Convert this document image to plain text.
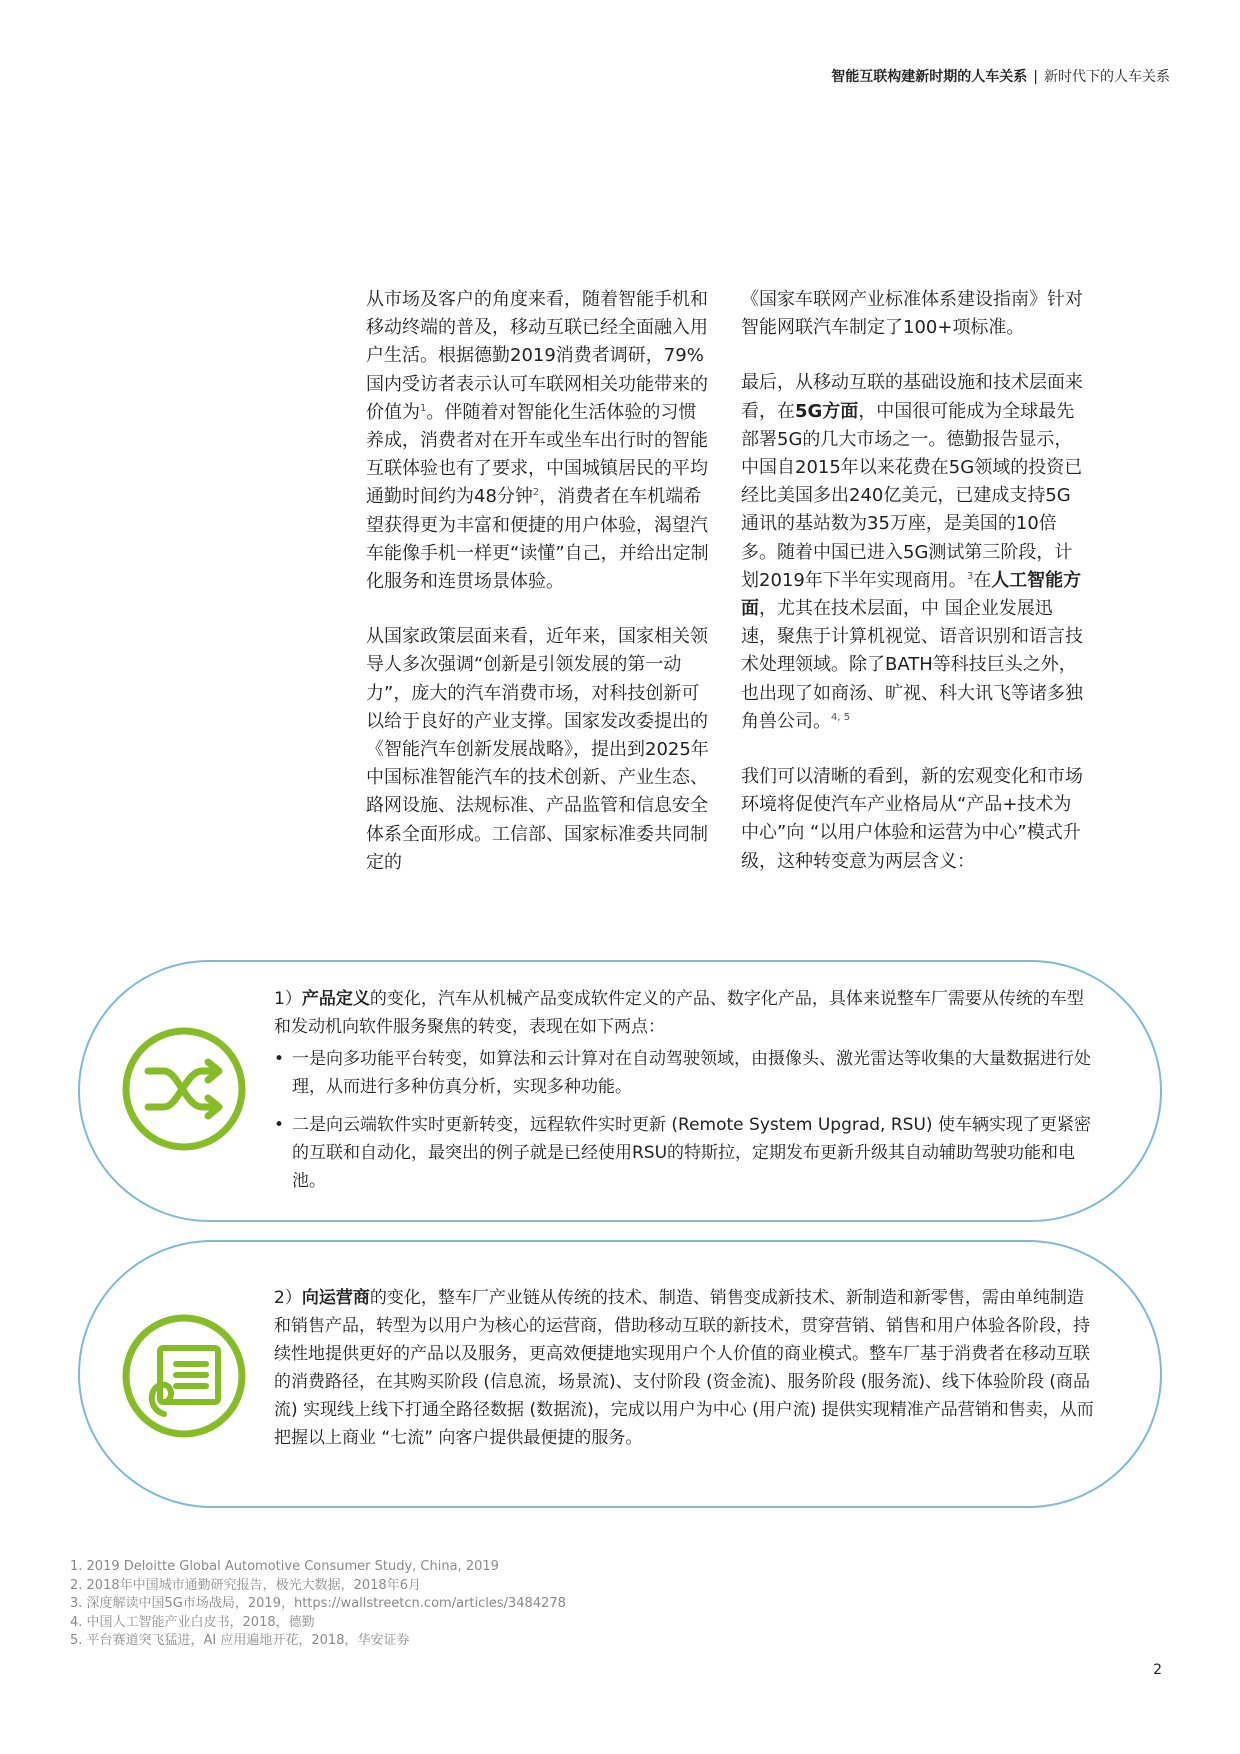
智能互联构建新时期的人车关系 | 新时代下的人车关系

从市场及客户的角度来看，随着智能手机和移动终端的普及，移动互联已经全面融入用户生活。根据德勤2019消费者调研，79%国内受访者表示认可车联网相关功能带来的价值为$^1$。伴随着对智能化生活体验的习惯养成，消费者对在开车或坐车出行时的智能互联体验也有了要求，中国城镇居民的平均通勤时间约为48分钟$^2$，消费者在车机端希望获得更为丰富和便捷的用户体验，渴望汽车能像手机一样更“读懂”自己，并给出定制化服务和连贯场景体验。

从国家政策层面来看，近年来，国家相关领导人多次强调“创新是引领发展的第一动力”，庞大的汽车消费市场，对科技创新可以给于良好的产业支撑。国家发改委提出的《智能汽车创新发展战略》，提出到2025年中国标准智能汽车的技术创新、产业生态、路网设施、法规标准、产品监管和信息安全体系全面形成。工信部、国家标准委共同制定的

《国家车联网产业标准体系建设指南》针对智能网联汽车制定了100+项标准。

最后，从移动互联的基础设施和技术层面来看，在5G方面，中国很可能成为全球最先部署5G的几大市场之一。德勤报告显示，中国自2015年以来花费在5G领域的投资已经比美国多出240亿美元，已建成支持5G通讯的基站数为35万座，是美国的10倍多。随着中国已进入5G测试第三阶段，计划2019年下半年实现商用。$^3$在人工智能方面，尤其在技术层面，中 国企业发展迅速，聚焦于计算机视觉、语音识别和语言技术处理领域。除了BATH等科技巨头之外，也出现了如商汤、旷视、科大讯飞等诸多独角兽公司。$^{4, 5}$

我们可以清晰的看到，新的宏观变化和市场环境将促使汽车产业格局从“产品+技术为中心”向 “以用户体验和运营为中心”模式升级，这种转变意为两层含义：

1）产品定义的变化，汽车从机械产品变成软件定义的产品、数字化产品，具体来说整车厂需要从传统的车型和发动机向软件服务聚焦的转变，表现在如下两点：

• 一是向多功能平台转变，如算法和云计算对在自动驾驶领域，由摄像头、激光雷达等收集的大量数据进行处理，从而进行多种仿真分析，实现多种功能。

• 二是向云端软件实时更新转变，远程软件实时更新 (Remote System Upgrad, RSU) 使车辆实现了更紧密的互联和自动化，最突出的例子就是已经使用RSU的特斯拉，定期发布更新升级其自动辅助驾驶功能和电池。

2）向运营商的变化，整车厂产业链从传统的技术、制造、销售变成新技术、新制造和新零售，需由单纯制造和销售产品，转型为以用户为核心的运营商，借助移动互联的新技术，贯穿营销、销售和用户体验各阶段，持续性地提供更好的产品以及服务，更高效便捷地实现用户个人价值的商业模式。整车厂基于消费者在移动互联的消费路径，在其购买阶段 (信息流，场景流)、支付阶段 (资金流)、服务阶段 (服务流)、线下体验阶段 (商品流) 实现线上线下打通全路径数据 (数据流)，完成以用户为中心 (用户流) 提供实现精准产品营销和售卖，从而把握以上商业 “七流” 向客户提供最便捷的服务。

1. 2019 Deloitte Global Automotive Consumer Study, China, 2019
2. 2018年中国城市通勤研究报告，极光大数据，2018年6月
3. 深度解读中国5G市场战局，2019，https://wallstreetcn.com/articles/3484278
4. 中国人工智能产业白皮书，2018，德勤
5. 平台赛道突飞猛进，AI 应用遍地开花，2018，华安证券
2
